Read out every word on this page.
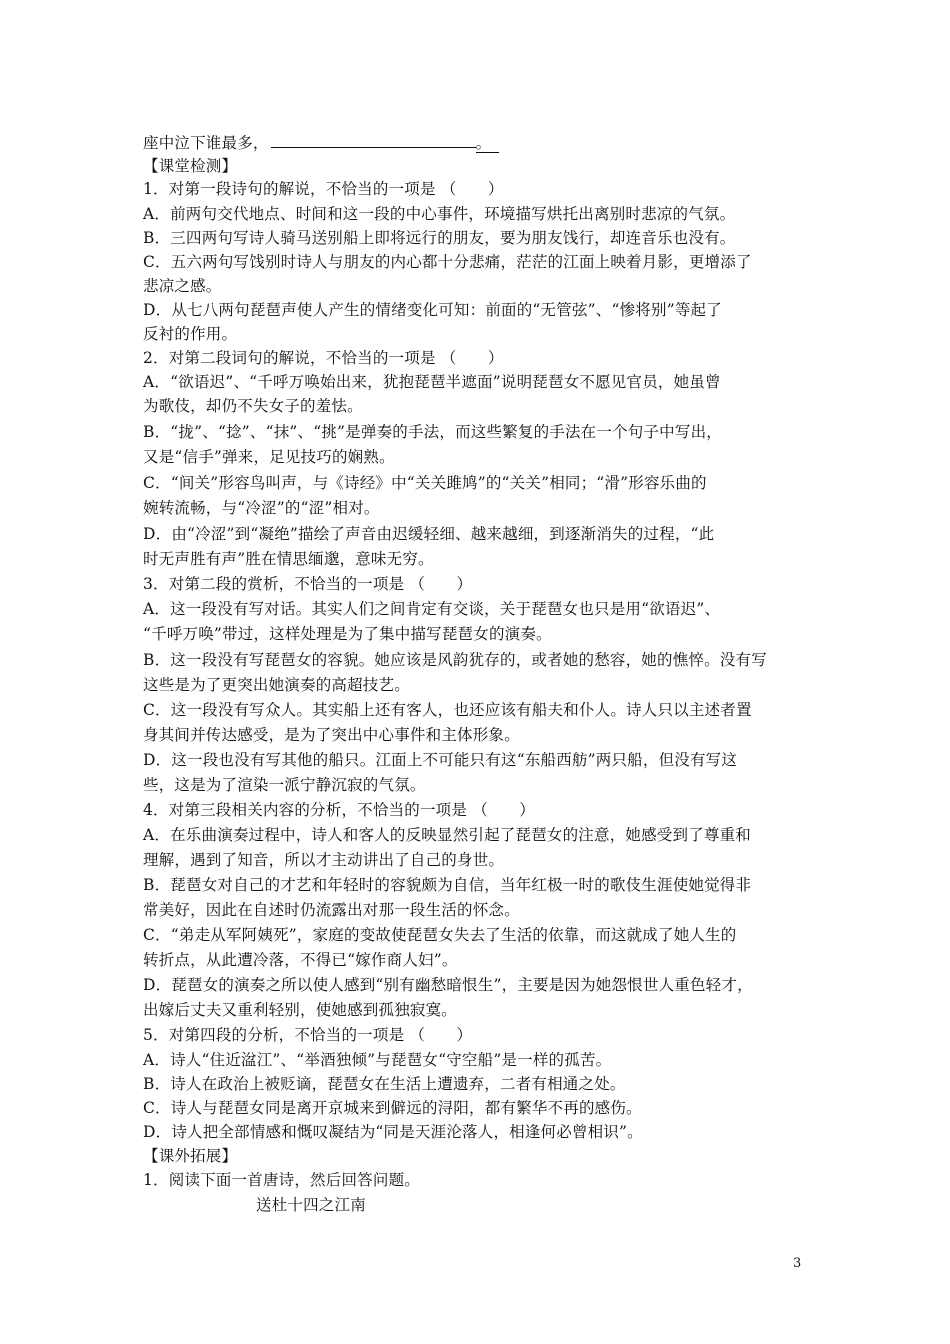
座中泣下谁最多，	。
【课堂检测】
1．对第一段诗句的解说，不恰当的一项是 （　　）
A．前两句交代地点、时间和这一段的中心事件，环境描写烘托出离别时悲凉的气氛。
B．三四两句写诗人骑马送别船上即将远行的朋友，要为朋友饯行，却连音乐也没有。
C．五六两句写饯别时诗人与朋友的内心都十分悲痛，茫茫的江面上映着月影，更增添了
悲凉之感。
D．从七八两句琵琶声使人产生的情绪变化可知：前面的“无管弦”、“惨将别”等起了
反衬的作用。
2．对第二段词句的解说，不恰当的一项是 （　　）
A．“欲语迟”、“千呼万唤始出来，犹抱琵琶半遮面”说明琵琶女不愿见官员，她虽曾
为歌伎，却仍不失女子的羞怯。
B．“拢”、“捻”、“抹”、“挑”是弹奏的手法，而这些繁复的手法在一个句子中写出，
又是“信手”弹来，足见技巧的娴熟。
C．“间关”形容鸟叫声，与《诗经》中“关关雎鸠”的“关关”相同；“滑”形容乐曲的
婉转流畅，与“冷涩”的“涩”相对。
D．由“冷涩”到“凝绝”描绘了声音由迟缓轻细、越来越细，到逐渐消失的过程，“此
时无声胜有声”胜在情思缅邈，意味无穷。
3．对第二段的赏析，不恰当的一项是 （　　）
A．这一段没有写对话。其实人们之间肯定有交谈，关于琵琶女也只是用“欲语迟”、
“千呼万唤”带过，这样处理是为了集中描写琵琶女的演奏。
B．这一段没有写琵琶女的容貌。她应该是风韵犹存的，或者她的愁容，她的憔悴。没有写
这些是为了更突出她演奏的高超技艺。
C．这一段没有写众人。其实船上还有客人，也还应该有船夫和仆人。诗人只以主述者置
身其间并传达感受，是为了突出中心事件和主体形象。
D．这一段也没有写其他的船只。江面上不可能只有这“东船西舫”两只船，但没有写这
些，这是为了渲染一派宁静沉寂的气氛。
4．对第三段相关内容的分析，不恰当的一项是 （　　）
A．在乐曲演奏过程中，诗人和客人的反映显然引起了琵琶女的注意，她感受到了尊重和
理解，遇到了知音，所以才主动讲出了自己的身世。
B．琵琶女对自己的才艺和年轻时的容貌颇为自信，当年红极一时的歌伎生涯使她觉得非
常美好，因此在自述时仍流露出对那一段生活的怀念。
C．“弟走从军阿姨死”，家庭的变故使琵琶女失去了生活的依靠，而这就成了她人生的
转折点，从此遭冷落，不得已“嫁作商人妇”。
D．琵琶女的演奏之所以使人感到“别有幽愁暗恨生”，主要是因为她怨恨世人重色轻才，
出嫁后丈夫又重利轻别，使她感到孤独寂寞。
5．对第四段的分析，不恰当的一项是 （　　）
A．诗人“住近湓江”、“举酒独倾”与琵琶女“守空船”是一样的孤苦。
B．诗人在政治上被贬谪，琵琶女在生活上遭遗弃，二者有相通之处。
C．诗人与琵琶女同是离开京城来到僻远的浔阳，都有繁华不再的感伤。
D．诗人把全部情感和慨叹凝结为“同是天涯沦落人，相逢何必曾相识”。
【课外拓展】
1．阅读下面一首唐诗，然后回答问题。
送杜十四之江南
3
